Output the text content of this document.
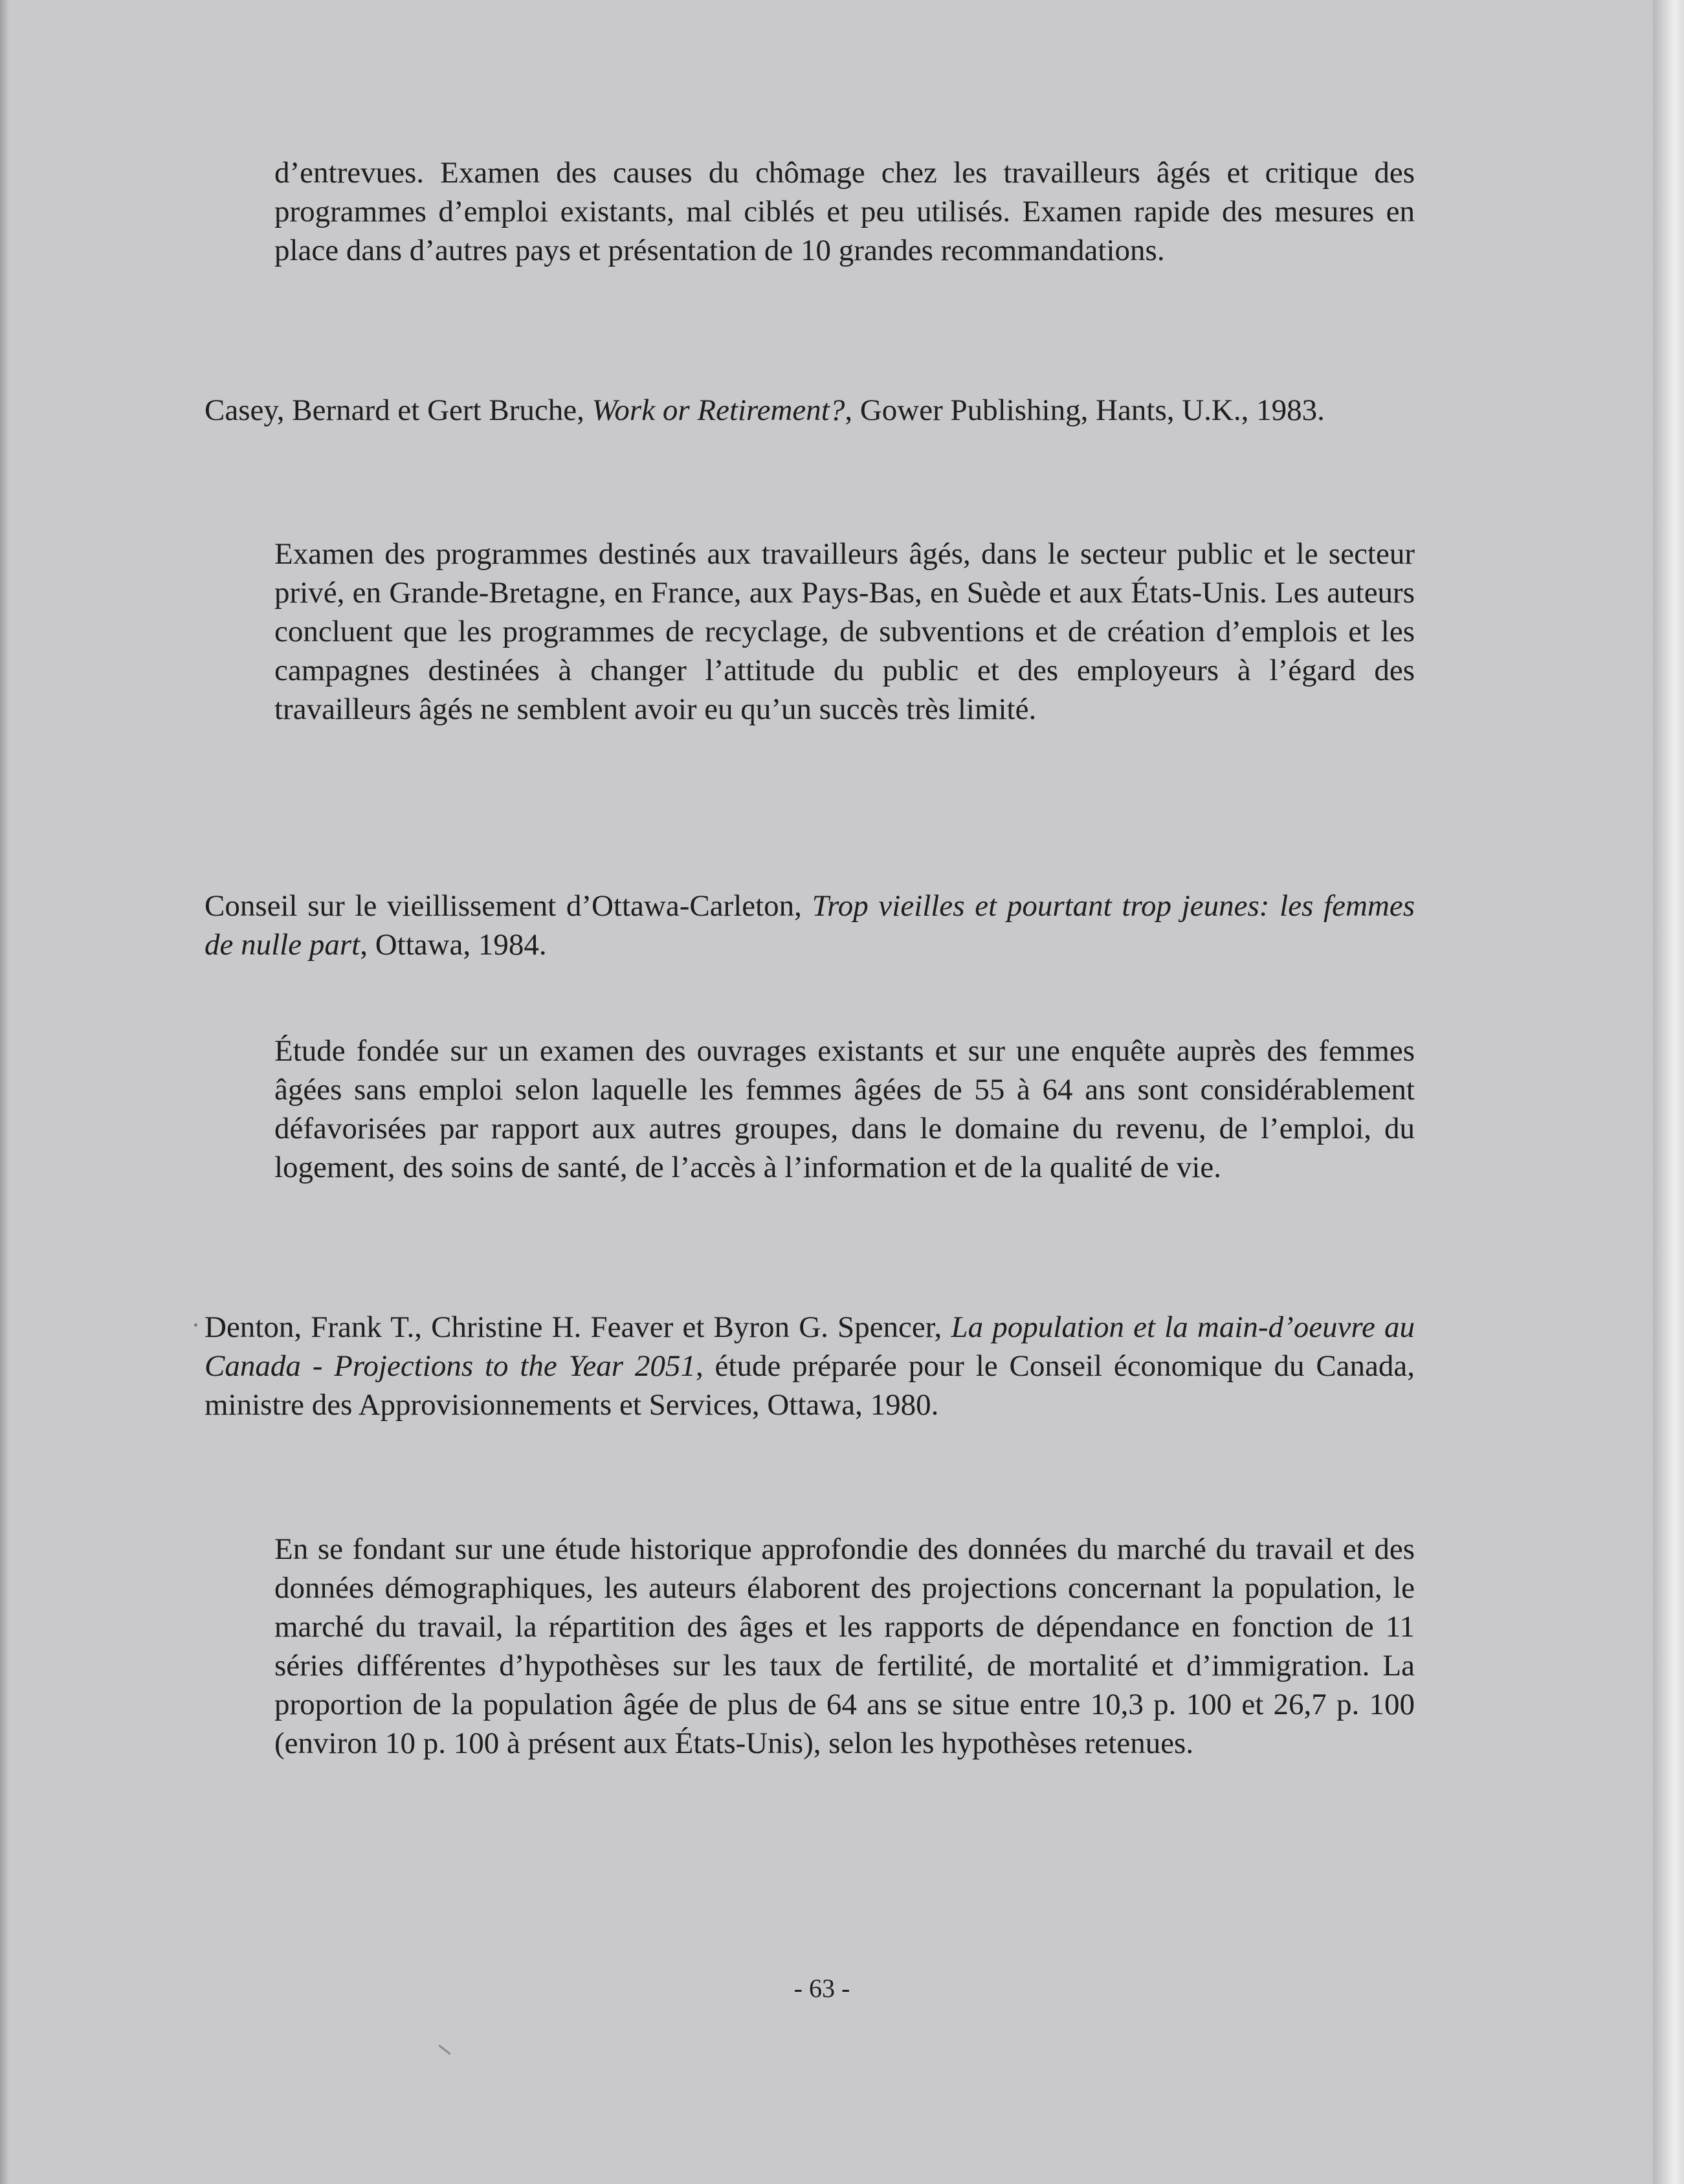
d’entrevues. Examen des causes du chômage chez les travailleurs âgés et critique des programmes d’emploi existants, mal ciblés et peu utilisés. Examen rapide des mesures en place dans d’autres pays et présentation de 10 grandes recommandations.

Casey, Bernard et Gert Bruche, Work or Retirement?, Gower Publishing, Hants, U.K., 1983.

Examen des programmes destinés aux travailleurs âgés, dans le secteur public et le secteur privé, en Grande-Bretagne, en France, aux Pays-Bas, en Suède et aux États-Unis. Les auteurs concluent que les programmes de recyclage, de subventions et de création d’emplois et les campagnes destinées à changer l’attitude du public et des employeurs à l’égard des travailleurs âgés ne semblent avoir eu qu’un succès très limité.

Conseil sur le vieillissement d’Ottawa-Carleton, Trop vieilles et pourtant trop jeunes: les femmes de nulle part, Ottawa, 1984.

Étude fondée sur un examen des ouvrages existants et sur une enquête auprès des femmes âgées sans emploi selon laquelle les femmes âgées de 55 à 64 ans sont considérablement défavorisées par rapport aux autres groupes, dans le domaine du revenu, de l’emploi, du logement, des soins de santé, de l’accès à l’information et de la qualité de vie.

Denton, Frank T., Christine H. Feaver et Byron G. Spencer, La population et la main-d’oeuvre au Canada - Projections to the Year 2051, étude préparée pour le Conseil économique du Canada, ministre des Approvisionnements et Services, Ottawa, 1980.

En se fondant sur une étude historique approfondie des données du marché du travail et des données démographiques, les auteurs élaborent des projections concernant la population, le marché du travail, la répartition des âges et les rapports de dépendance en fonction de 11 séries différentes d’hypothèses sur les taux de fertilité, de mortalité et d’immigration. La proportion de la population âgée de plus de 64 ans se situe entre 10,3 p. 100 et 26,7 p. 100 (environ 10 p. 100 à présent aux États-Unis), selon les hypothèses retenues.

- 63 -
